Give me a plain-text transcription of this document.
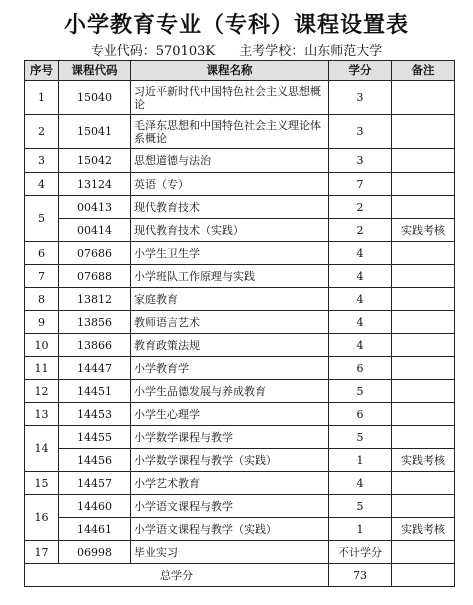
小学教育专业（专科）课程设置表
专业代码：570103K 主考学校：山东师范大学
序号	课程代码	课程名称	学分	备注
1	15040	习近平新时代中国特色社会主义思想概论	3	
2	15041	毛泽东思想和中国特色社会主义理论体系概论	3	
3	15042	思想道德与法治	3	
4	13124	英语（专）	7	
5	00413	现代教育技术	2	
	00414	现代教育技术（实践）	2	实践考核
6	07686	小学生卫生学	4	
7	07688	小学班队工作原理与实践	4	
8	13812	家庭教育	4	
9	13856	教师语言艺术	4	
10	13866	教育政策法规	4	
11	14447	小学教育学	6	
12	14451	小学生品德发展与养成教育	5	
13	14453	小学生心理学	6	
14	14455	小学数学课程与教学	5	
	14456	小学数学课程与教学（实践）	1	实践考核
15	14457	小学艺术教育	4	
16	14460	小学语文课程与教学	5	
	14461	小学语文课程与教学（实践）	1	实践考核
17	06998	毕业实习	不计学分	
总学分			73	
